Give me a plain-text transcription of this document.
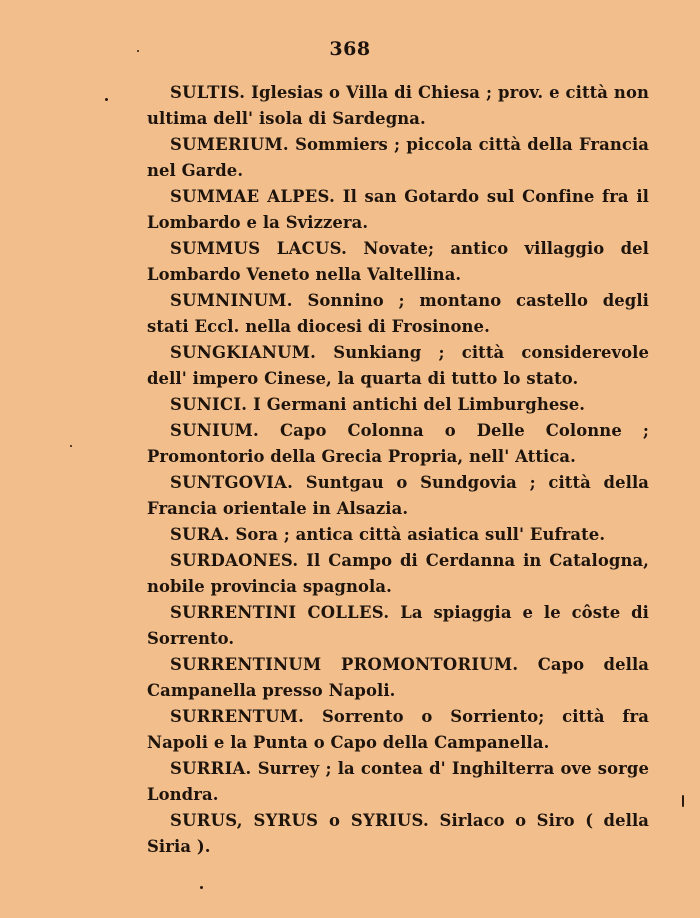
368

SULTIS. Iglesias o Villa di Chiesa ; prov. e città non ultima dell' isola di Sardegna.

SUMERIUM. Sommiers ; piccola città della Francia nel Garde.

SUMMAE ALPES. Il san Gotardo sul Confine fra il Lombardo e la Svizzera.

SUMMUS LACUS. Novate; antico villaggio del Lombardo Veneto nella Valtellina.

SUMNINUM. Sonnino ; montano castello degli stati Eccl. nella diocesi di Frosinone.

SUNGKIANUM. Sunkiang ; città considerevole dell' impero Cinese, la quarta di tutto lo stato.

SUNICI. I Germani antichi del Limburghese.

SUNIUM. Capo Colonna o Delle Colonne ; Promontorio della Grecia Propria, nell' Attica.

SUNTGOVIA. Suntgau o Sundgovia ; città della Francia orientale in Alsazia.

SURA. Sora ; antica città asiatica sull' Eufrate.

SURDAONES. Il Campo di Cerdanna in Catalogna, nobile provincia spagnola.

SURRENTINI COLLES. La spiaggia e le côste di Sorrento.

SURRENTINUM PROMONTORIUM. Capo della Campanella presso Napoli.

SURRENTUM. Sorrento o Sorriento; città fra Napoli e la Punta o Capo della Campanella.

SURRIA. Surrey ; la contea d' Inghilterra ove sorge Londra.

SURUS, SYRUS o SYRIUS. Sirlaco o Siro ( della Siria ).
